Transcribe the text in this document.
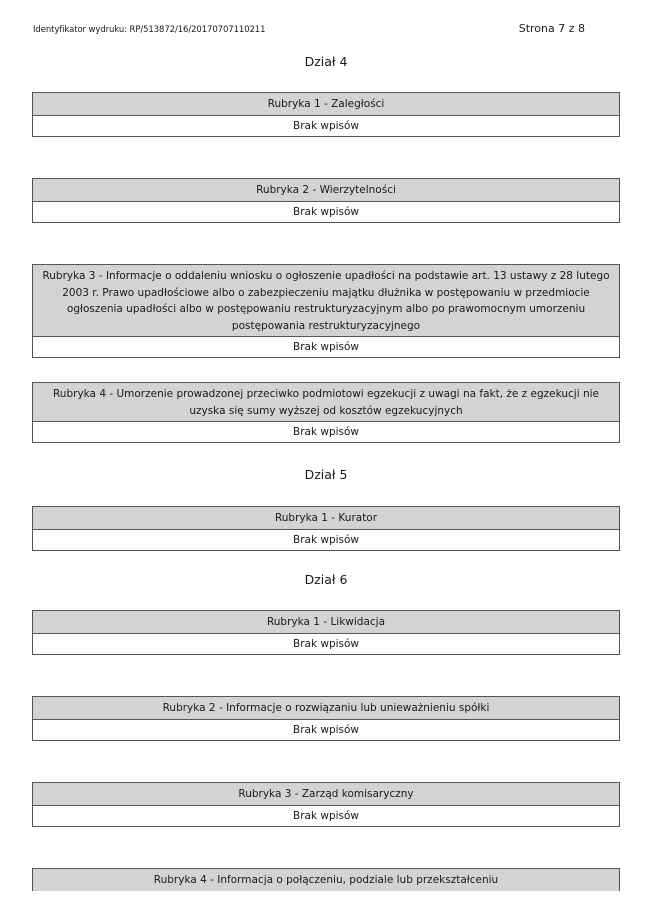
Identyfikator wydruku: RP/513872/16/20170707110211	Strona 7 z 8
Dział 4
Rubryka 1 - Zaległości
Brak wpisów
Rubryka 2 - Wierzytelności
Brak wpisów
Rubryka 3 - Informacje o oddaleniu wniosku o ogłoszenie upadłości na podstawie art. 13 ustawy z 28 lutego 2003 r. Prawo upadłościowe albo o zabezpieczeniu majątku dłużnika w postępowaniu w przedmiocie ogłoszenia upadłości albo w postępowaniu restrukturyzacyjnym albo po prawomocnym umorzeniu postępowania restrukturyzacyjnego
Brak wpisów
Rubryka 4 - Umorzenie prowadzonej przeciwko podmiotowi egzekucji z uwagi na fakt, że z egzekucji nie uzyska się sumy wyższej od kosztów egzekucyjnych
Brak wpisów
Dział 5
Rubryka 1 - Kurator
Brak wpisów
Dział 6
Rubryka 1 - Likwidacja
Brak wpisów
Rubryka 2 - Informacje o rozwiązaniu lub unieważnieniu spółki
Brak wpisów
Rubryka 3 - Zarząd komisaryczny
Brak wpisów
Rubryka 4 - Informacja o połączeniu, podziale lub przekształceniu
